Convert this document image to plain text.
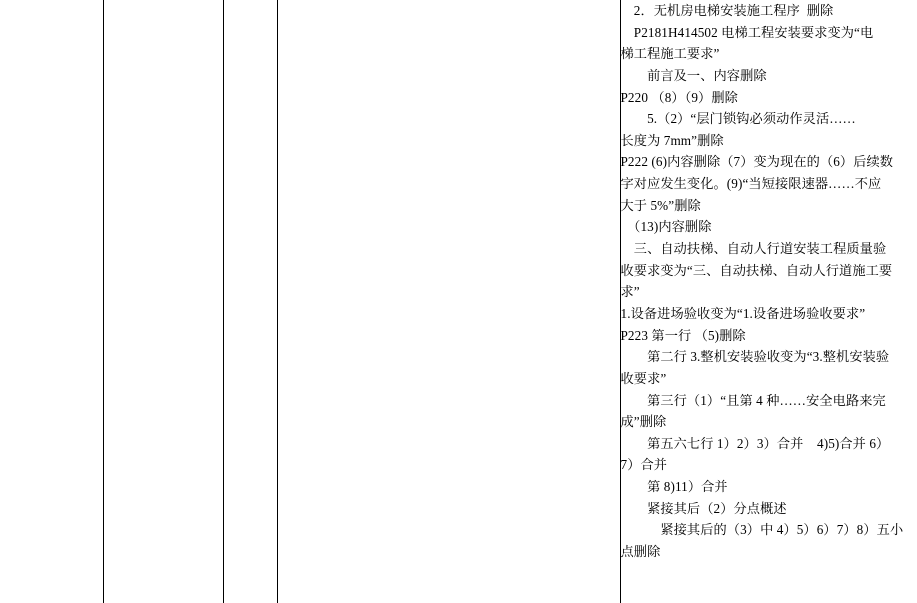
　2．无机房电梯安装施工程序  删除

　P2181H414502 电梯工程安装要求变为“电

梯工程施工要求”

　　前言及一、内容删除

P220 （8）（9）删除

　　5.（2）“层门锁钩必须动作灵活……

长度为 7mm”删除

P222 (6)内容删除（7）变为现在的（6）后续数

字对应发生变化。(9)“当短接限速器……不应

大于 5%”删除

　（13)内容删除

　三、自动扶梯、自动人行道安装工程质量验

收要求变为“三、自动扶梯、自动人行道施工要

求”

1.设备进场验收变为“1.设备进场验收要求”

P223 第一行 （5)删除

　　第二行 3.整机安装验收变为“3.整机安装验

收要求”

　　第三行（1）“且第 4 种……安全电路来完

成”删除

　　第五六七行 1）2）3）合并    4)5)合并 6）

7）合并

　　第 8)11）合并

　　紧接其后（2）分点概述

　　　紧接其后的（3）中 4）5）6）7）8）五小

点删除
